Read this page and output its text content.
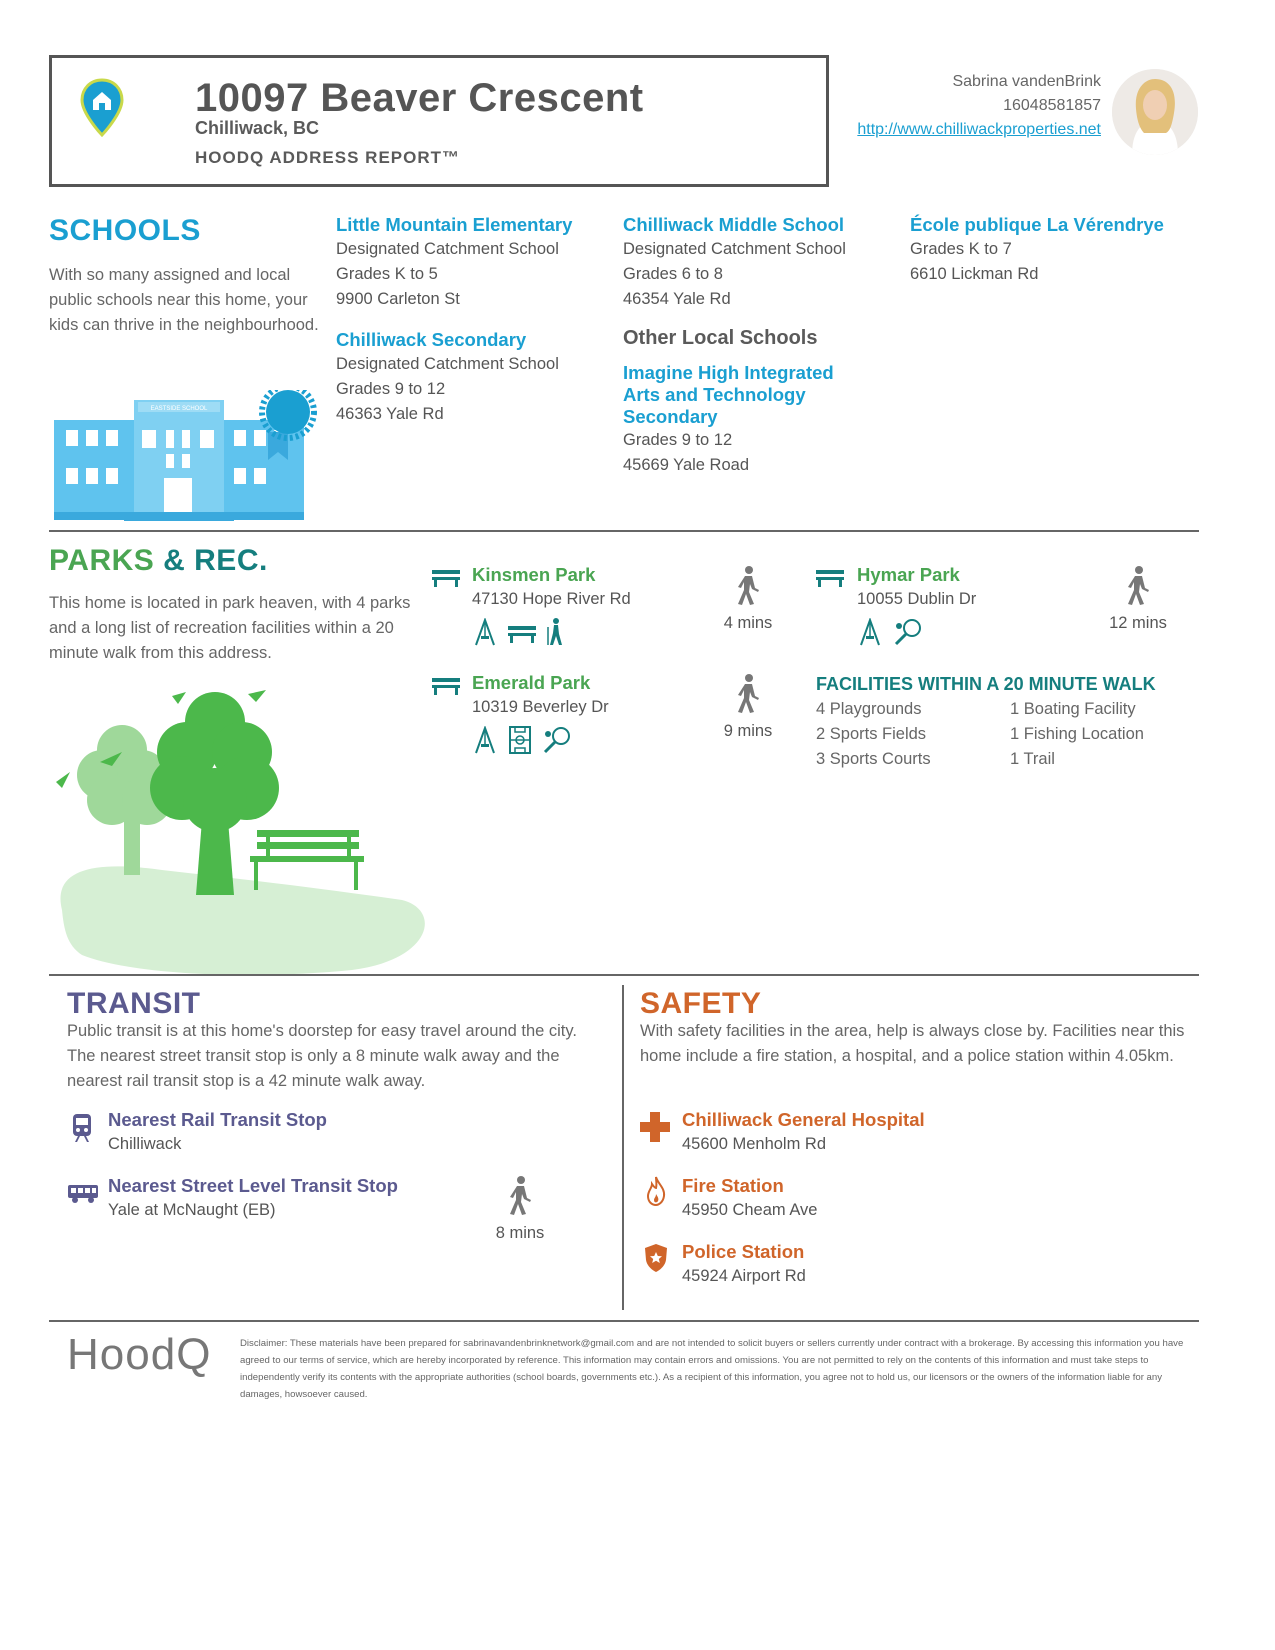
10097 Beaver Crescent
Chilliwack, BC
HOODQ ADDRESS REPORT™
Sabrina vandenBrink
16048581857
http://www.chilliwackproperties.net
SCHOOLS
With so many assigned and local public schools near this home, your kids can thrive in the neighbourhood.
Little Mountain Elementary
Designated Catchment School
Grades K to 5
9900 Carleton St
Chilliwack Middle School
Designated Catchment School
Grades 6 to 8
46354 Yale Rd
École publique La Vérendrye
Grades K to 7
6610 Lickman Rd
Chilliwack Secondary
Designated Catchment School
Grades 9 to 12
46363 Yale Rd
Other Local Schools
Imagine High Integrated Arts and Technology Secondary
Grades 9 to 12
45669 Yale Road
EASTSIDE SCHOOL
PARKS & REC.
This home is located in park heaven, with 4 parks and a long list of recreation facilities within a 20 minute walk from this address.
Kinsmen Park
47130 Hope River Rd
4 mins
Hymar Park
10055 Dublin Dr
12 mins
Emerald Park
10319 Beverley Dr
9 mins
FACILITIES WITHIN A 20 MINUTE WALK
4 Playgrounds	1 Boating Facility
2 Sports Fields	1 Fishing Location
3 Sports Courts	1 Trail
TRANSIT
Public transit is at this home's doorstep for easy travel around the city. The nearest street transit stop is only a 8 minute walk away and the nearest rail transit stop is a 42 minute walk away.
Nearest Rail Transit Stop
Chilliwack
Nearest Street Level Transit Stop
Yale at McNaught (EB)
8 mins
SAFETY
With safety facilities in the area, help is always close by. Facilities near this home include a fire station, a hospital, and a police station within 4.05km.
Chilliwack General Hospital
45600 Menholm Rd
Fire Station
45950 Cheam Ave
Police Station
45924 Airport Rd
HoodQ	Disclaimer: These materials have been prepared for sabrinavandenbrinknetwork@gmail.com and are not intended to solicit buyers or sellers currently under contract with a brokerage. By accessing this information you have agreed to our terms of service, which are hereby incorporated by reference. This information may contain errors and omissions. You are not permitted to rely on the contents of this information and must take steps to independently verify its contents with the appropriate authorities (school boards, governments etc.). As a recipient of this information, you agree not to hold us, our licensors or the owners of the information liable for any damages, howsoever caused.
